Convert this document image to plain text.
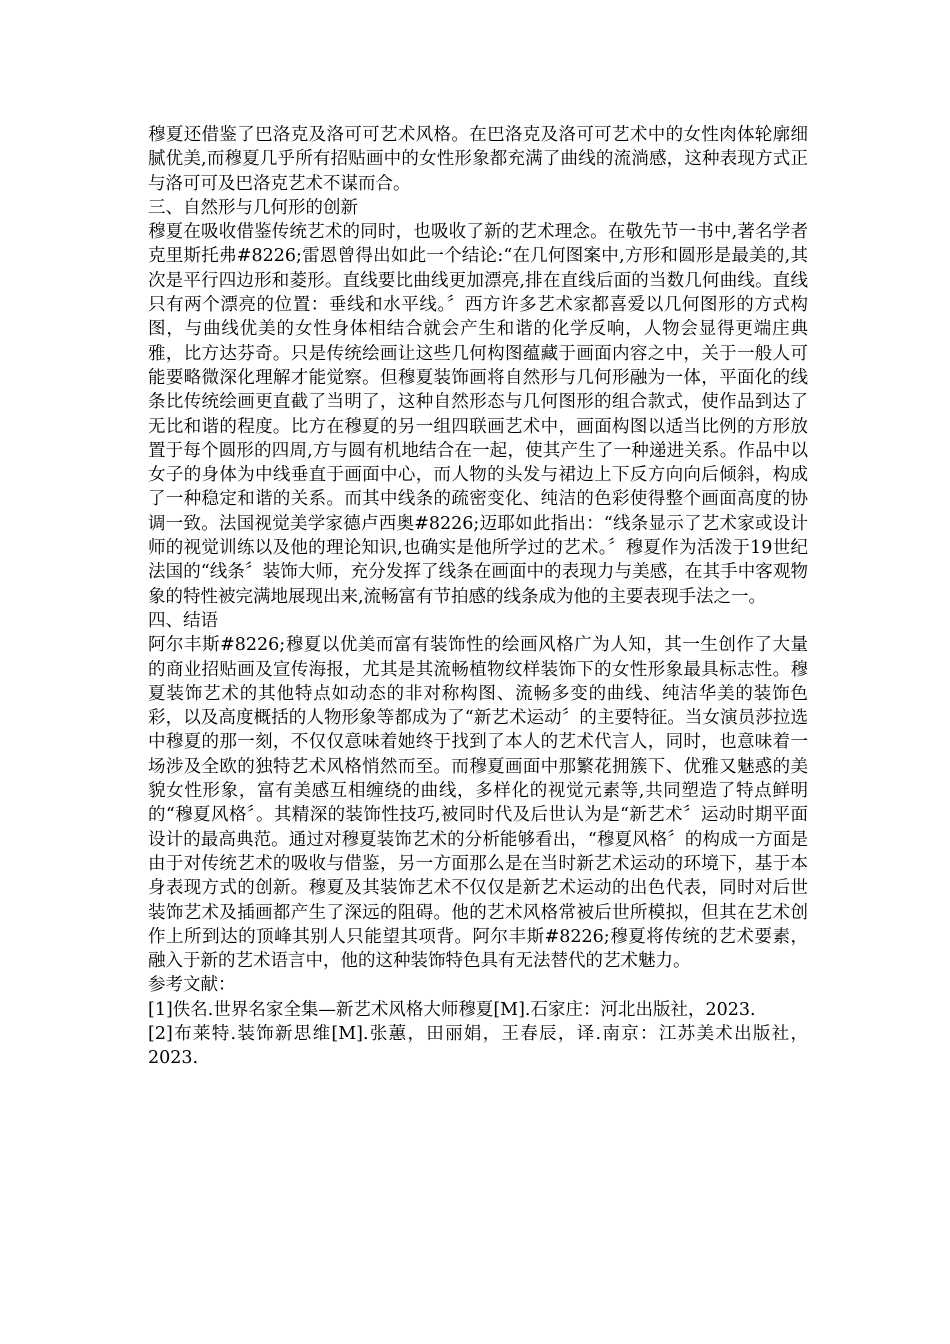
穆夏还借鉴了巴洛克及洛可可艺术风格。在巴洛克及洛可可艺术中的女性肉体轮廓细腻优美,而穆夏几乎所有招贴画中的女性形象都充满了曲线的流淌感，这种表现方式正与洛可可及巴洛克艺术不谋而合。

三、自然形与几何形的创新

穆夏在吸收借鉴传统艺术的同时，也吸收了新的艺术理念。在敬先节一书中,著名学者克里斯托弗#8226;雷恩曾得出如此一个结论:“在几何图案中,方形和圆形是最美的,其次是平行四边形和菱形。直线要比曲线更加漂亮,排在直线后面的当数几何曲线。直线只有两个漂亮的位置：垂线和水平线。〞西方许多艺术家都喜爱以几何图形的方式构图，与曲线优美的女性身体相结合就会产生和谐的化学反响，人物会显得更端庄典雅，比方达芬奇。只是传统绘画让这些几何构图蕴藏于画面内容之中，关于一般人可能要略微深化理解才能觉察。但穆夏装饰画将自然形与几何形融为一体，平面化的线条比传统绘画更直截了当明了，这种自然形态与几何图形的组合款式，使作品到达了无比和谐的程度。比方在穆夏的另一组四联画艺术中，画面构图以适当比例的方形放置于每个圆形的四周,方与圆有机地结合在一起，使其产生了一种递进关系。作品中以女子的身体为中线垂直于画面中心，而人物的头发与裙边上下反方向向后倾斜，构成了一种稳定和谐的关系。而其中线条的疏密变化、纯洁的色彩使得整个画面高度的协调一致。法国视觉美学家德卢西奥#8226;迈耶如此指出：“线条显示了艺术家或设计师的视觉训练以及他的理论知识,也确实是他所学过的艺术。〞穆夏作为活泼于19世纪法国的“线条〞装饰大师，充分发挥了线条在画面中的表现力与美感，在其手中客观物象的特性被完满地展现出来,流畅富有节拍感的线条成为他的主要表现手法之一。

四、结语

阿尔丰斯#8226;穆夏以优美而富有装饰性的绘画风格广为人知，其一生创作了大量的商业招贴画及宣传海报，尤其是其流畅植物纹样装饰下的女性形象最具标志性。穆夏装饰艺术的其他特点如动态的非对称构图、流畅多变的曲线、纯洁华美的装饰色彩，以及高度概括的人物形象等都成为了“新艺术运动〞的主要特征。当女演员莎拉选中穆夏的那一刻，不仅仅意味着她终于找到了本人的艺术代言人，同时，也意味着一场涉及全欧的独特艺术风格悄然而至。而穆夏画面中那繁花拥簇下、优雅又魅惑的美貌女性形象，富有美感互相缠绕的曲线，多样化的视觉元素等,共同塑造了特点鲜明的“穆夏风格〞。其精深的装饰性技巧,被同时代及后世认为是“新艺术〞运动时期平面设计的最高典范。通过对穆夏装饰艺术的分析能够看出，“穆夏风格〞的构成一方面是由于对传统艺术的吸收与借鉴，另一方面那么是在当时新艺术运动的环境下，基于本身表现方式的创新。穆夏及其装饰艺术不仅仅是新艺术运动的出色代表，同时对后世装饰艺术及插画都产生了深远的阻碍。他的艺术风格常被后世所模拟，但其在艺术创作上所到达的顶峰其别人只能望其项背。阿尔丰斯#8226;穆夏将传统的艺术要素，融入于新的艺术语言中，他的这种装饰特色具有无法替代的艺术魅力。

参考文献：

[1]佚名.世界名家全集—新艺术风格大师穆夏[M].石家庄：河北出版社，2023.

[2]布莱特.装饰新思维[M].张蕙，田丽娟，王春辰，译.南京：江苏美术出版社，2023.
